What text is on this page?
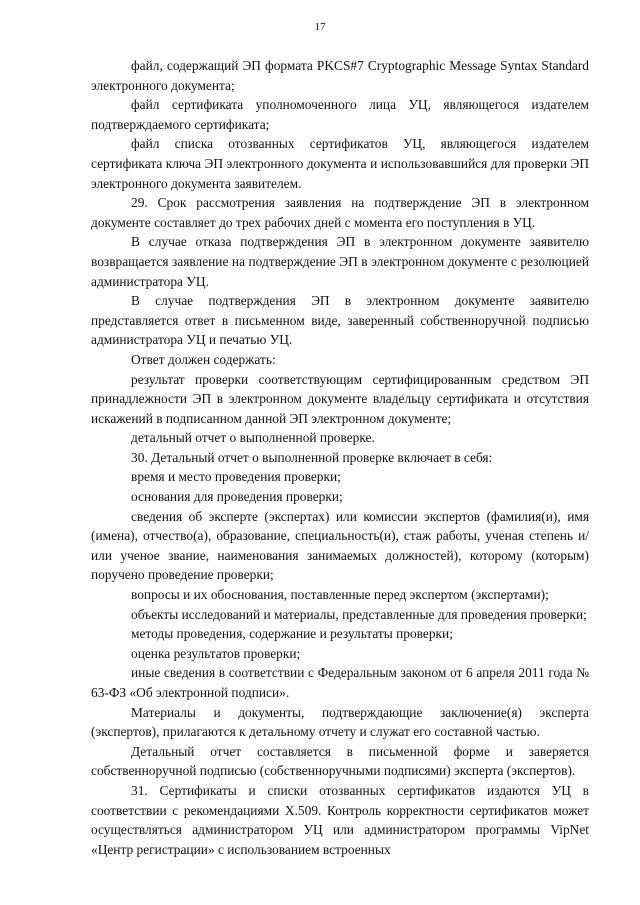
17

файл, содержащий ЭП формата PKCS#7 Cryptographic Message Syntax Standard электронного документа;

файл сертификата уполномоченного лица УЦ, являющегося издателем подтверждаемого сертификата;

файл списка отозванных сертификатов УЦ, являющегося издателем сертификата ключа ЭП электронного документа и использовавшийся для проверки ЭП электронного документа заявителем.

29. Срок рассмотрения заявления на подтверждение ЭП в электронном документе составляет до трех рабочих дней с момента его поступления в УЦ.

В случае отказа подтверждения ЭП в электронном документе заявителю возвращается заявление на подтверждение ЭП в электронном документе с резолюцией администратора УЦ.

В случае подтверждения ЭП в электронном документе заявителю представляется ответ в письменном виде, заверенный собственноручной подписью администратора УЦ и печатью УЦ.

Ответ должен содержать:

результат проверки соответствующим сертифицированным средством ЭП принадлежности ЭП в электронном документе владельцу сертификата и отсутствия искажений в подписанном данной ЭП электронном документе;

детальный отчет о выполненной проверке.

30. Детальный отчет о выполненной проверке включает в себя:

время и место проведения проверки;

основания для проведения проверки;

сведения об эксперте (экспертах) или комиссии экспертов (фамилия(и), имя (имена), отчество(а), образование, специальность(и), стаж работы, ученая степень и/или ученое звание, наименования занимаемых должностей), которому (которым) поручено проведение проверки;

вопросы и их обоснования, поставленные перед экспертом (экспертами);

объекты исследований и материалы, представленные для проведения проверки;

методы проведения, содержание и результаты проверки;

оценка результатов проверки;

иные сведения в соответствии с Федеральным законом от 6 апреля 2011 года № 63-ФЗ «Об электронной подписи».

Материалы и документы, подтверждающие заключение(я) эксперта (экспертов), прилагаются к детальному отчету и служат его составной частью.

Детальный отчет составляется в письменной форме и заверяется собственноручной подписью (собственноручными подписями) эксперта (экспертов).

31. Сертификаты и списки отозванных сертификатов издаются УЦ в соответствии с рекомендациями X.509. Контроль корректности сертификатов может осуществляться администратором УЦ или администратором программы VipNet «Центр регистрации» с использованием встроенных
